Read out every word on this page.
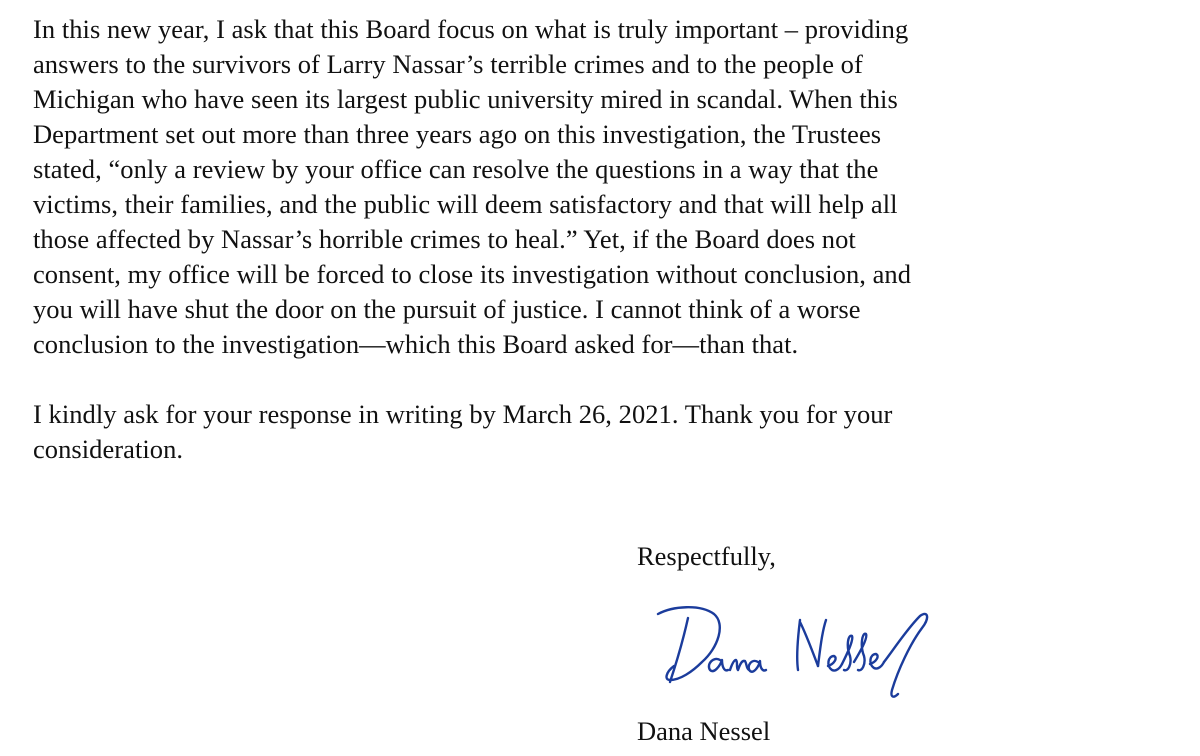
In this new year, I ask that this Board focus on what is truly important – providing
answers to the survivors of Larry Nassar’s terrible crimes and to the people of
Michigan who have seen its largest public university mired in scandal. When this
Department set out more than three years ago on this investigation, the Trustees
stated, “only a review by your office can resolve the questions in a way that the
victims, their families, and the public will deem satisfactory and that will help all
those affected by Nassar’s horrible crimes to heal.” Yet, if the Board does not
consent, my office will be forced to close its investigation without conclusion, and
you will have shut the door on the pursuit of justice. I cannot think of a worse
conclusion to the investigation—which this Board asked for—than that.
I kindly ask for your response in writing by March 26, 2021. Thank you for your
consideration.
Respectfully,
Dana Nessel
